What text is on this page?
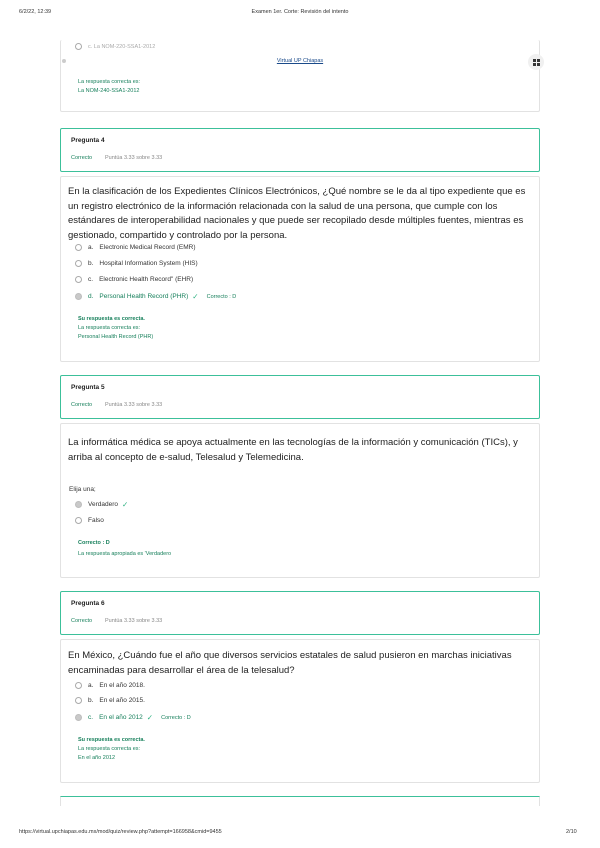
6/2/22, 12:39	Examen 1er. Corte: Revisión del intento
c. La NOM-220-SSA1-2012
La respuesta correcta es:
La NOM-240-SSA1-2012
Virtual UP Chiapas
Pregunta 4
Correcto Puntúa 3.33 sobre 3.33
En la clasificación de los Expedientes Clínicos Electrónicos, ¿Qué nombre se le da al tipo expediente que es un registro electrónico de la información relacionada con la salud de una persona, que cumple con los estándares de interoperabilidad nacionales y que puede ser recopilado desde múltiples fuentes, mientras es gestionado, compartido y controlado por la persona.
a. Electronic Medical Record (EMR)
b. Hospital Information System (HIS)
c. Electronic Health Record" (EHR)
d. Personal Health Record (PHR) ✓ Correcto : D
Su respuesta es correcta.
La respuesta correcta es:
Personal Health Record (PHR)
Pregunta 5
Correcto Puntúa 3.33 sobre 3.33
La informática médica se apoya actualmente en las tecnologías de la información y comunicación (TICs), y arriba al concepto de e-salud, Telesalud y Telemedicina.
Elija una;
Verdadero ✓
Falso
Correcto : D
La respuesta apropiada es 'Verdadero
Pregunta 6
Correcto Puntúa 3.33 sobre 3.33
En México, ¿Cuándo fue el año que diversos servicios estatales de salud pusieron en marchas iniciativas encaminadas para desarrollar el área de la telesalud?
a. En el año 2018.
b. En el año 2015.
c. En el año 2012 ✓ Correcto : D
Su respuesta es correcta.
La respuesta correcta es:
En el año 2012
https://virtual.upchiapas.edu.mx/mod/quiz/review.php?attempt=166958&cmid=9455	2/10
